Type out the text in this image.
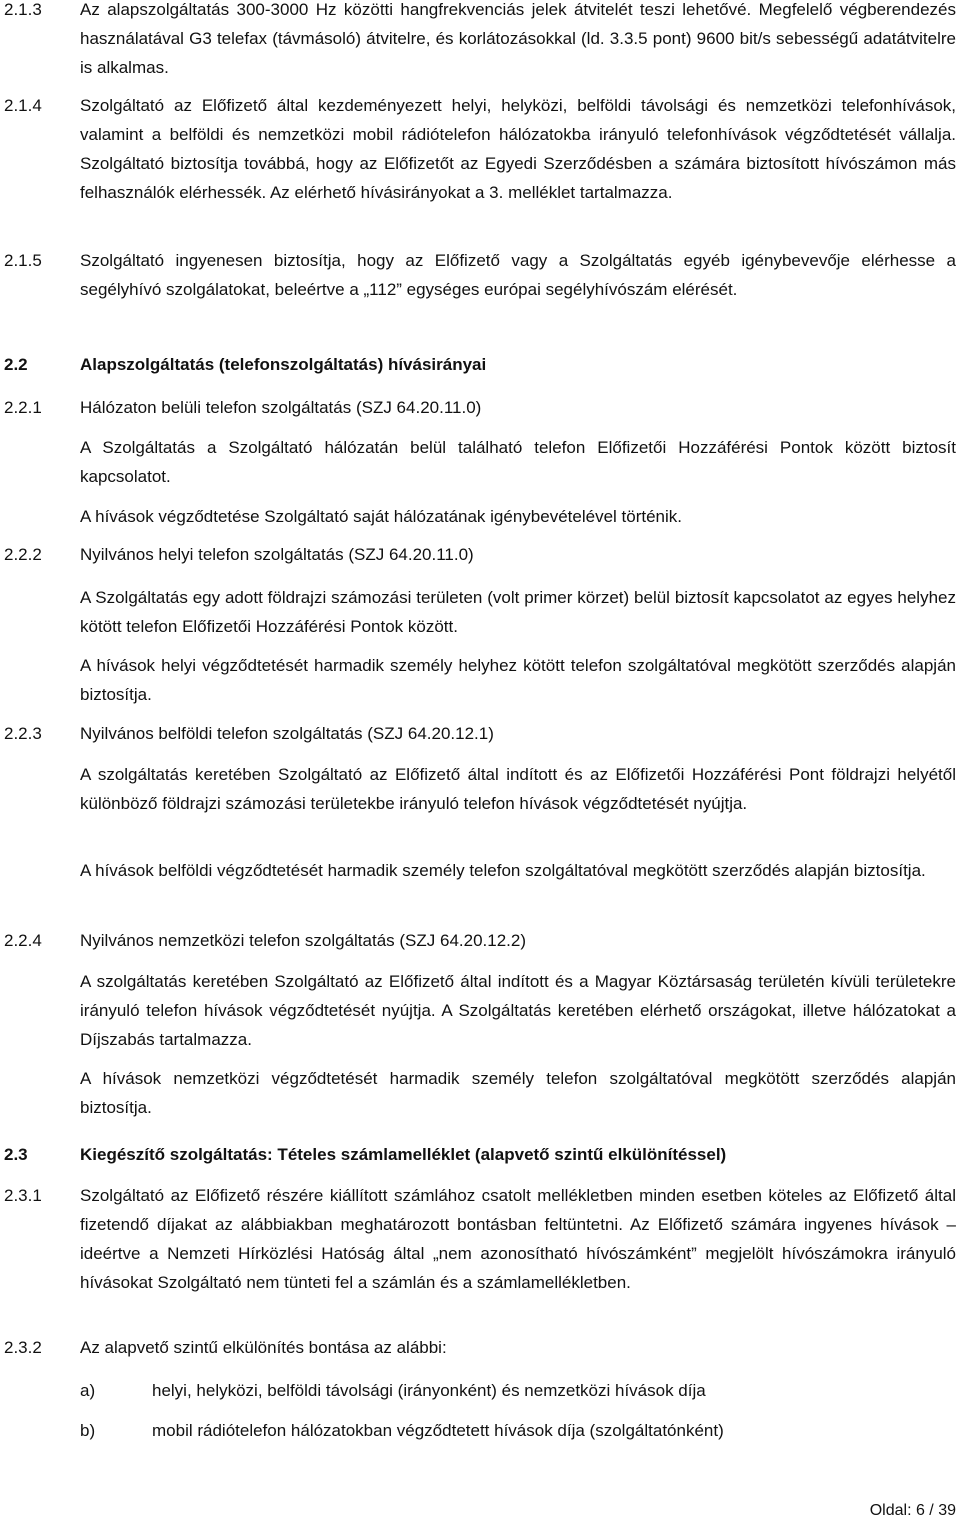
2.1.3	Az alapszolgáltatás 300-3000 Hz közötti hangfrekvenciás jelek átvitelét teszi lehetővé. Megfelelő végberendezés használatával G3 telefax (távmásoló) átvitelre, és korlátozásokkal (ld. 3.3.5 pont) 9600 bit/s sebességű adatátvitelre is alkalmas.
2.1.4	Szolgáltató az Előfizető által kezdeményezett helyi, helyközi, belföldi távolsági és nemzetközi telefonhívások, valamint a belföldi és nemzetközi mobil rádiótelefon hálózatokba irányuló telefonhívások végződtetését vállalja. Szolgáltató biztosítja továbbá, hogy az Előfizetőt az Egyedi Szerződésben a számára biztosított hívószámon más felhasználók elérhessék. Az elérhető hívásirányokat a 3. melléklet tartalmazza.
2.1.5	Szolgáltató ingyenesen biztosítja, hogy az Előfizető vagy a Szolgáltatás egyéb igénybevevője elérhesse a segélyhívó szolgálatokat, beleértve a „112” egységes európai segélyhívószám elérését.
2.2	Alapszolgáltatás (telefonszolgáltatás) hívásirányai
2.2.1	Hálózaton belüli telefon szolgáltatás (SZJ 64.20.11.0)
A Szolgáltatás a Szolgáltató hálózatán belül található telefon Előfizetői Hozzáférési Pontok között biztosít kapcsolatot.
A hívások végződtetése Szolgáltató saját hálózatának igénybevételével történik.
2.2.2	Nyilvános helyi telefon szolgáltatás (SZJ 64.20.11.0)
A Szolgáltatás egy adott földrajzi számozási területen (volt primer körzet) belül biztosít kapcsolatot az egyes helyhez kötött telefon Előfizetői Hozzáférési Pontok között.
A hívások helyi végződtetését harmadik személy helyhez kötött telefon szolgáltatóval megkötött szerződés alapján biztosítja.
2.2.3	Nyilvános belföldi telefon szolgáltatás (SZJ 64.20.12.1)
A szolgáltatás keretében Szolgáltató az Előfizető által indított és az Előfizetői Hozzáférési Pont földrajzi helyétől különböző földrajzi számozási területekbe irányuló telefon hívások végződtetését nyújtja.
A hívások belföldi végződtetését harmadik személy telefon szolgáltatóval megkötött szerződés alapján biztosítja.
2.2.4	Nyilvános nemzetközi telefon szolgáltatás (SZJ 64.20.12.2)
A szolgáltatás keretében Szolgáltató az Előfizető által indított és a Magyar Köztársaság területén kívüli területekre irányuló telefon hívások végződtetését nyújtja. A Szolgáltatás keretében elérhető országokat, illetve hálózatokat a Díjszabás tartalmazza.
A hívások nemzetközi végződtetését harmadik személy telefon szolgáltatóval megkötött szerződés alapján biztosítja.
2.3	Kiegészítő szolgáltatás: Tételes számlamelléklet (alapvető szintű elkülönítéssel)
2.3.1	Szolgáltató az Előfizető részére kiállított számlához csatolt mellékletben minden esetben köteles az Előfizető által fizetendő díjakat az alábbiakban meghatározott bontásban feltüntetni. Az Előfizető számára ingyenes hívások – ideértve a Nemzeti Hírközlési Hatóság által „nem azonosítható hívószámként” megjelölt hívószámokra irányuló hívásokat Szolgáltató nem tünteti fel a számlán és a számlamellékletben.
2.3.2	Az alapvető szintű elkülönítés bontása az alábbi:
a)	helyi, helyközi, belföldi távolsági (irányonként) és nemzetközi hívások díja
b)	mobil rádiótelefon hálózatokban végződtetett hívások díja (szolgáltatónként)
Oldal: 6 / 39
